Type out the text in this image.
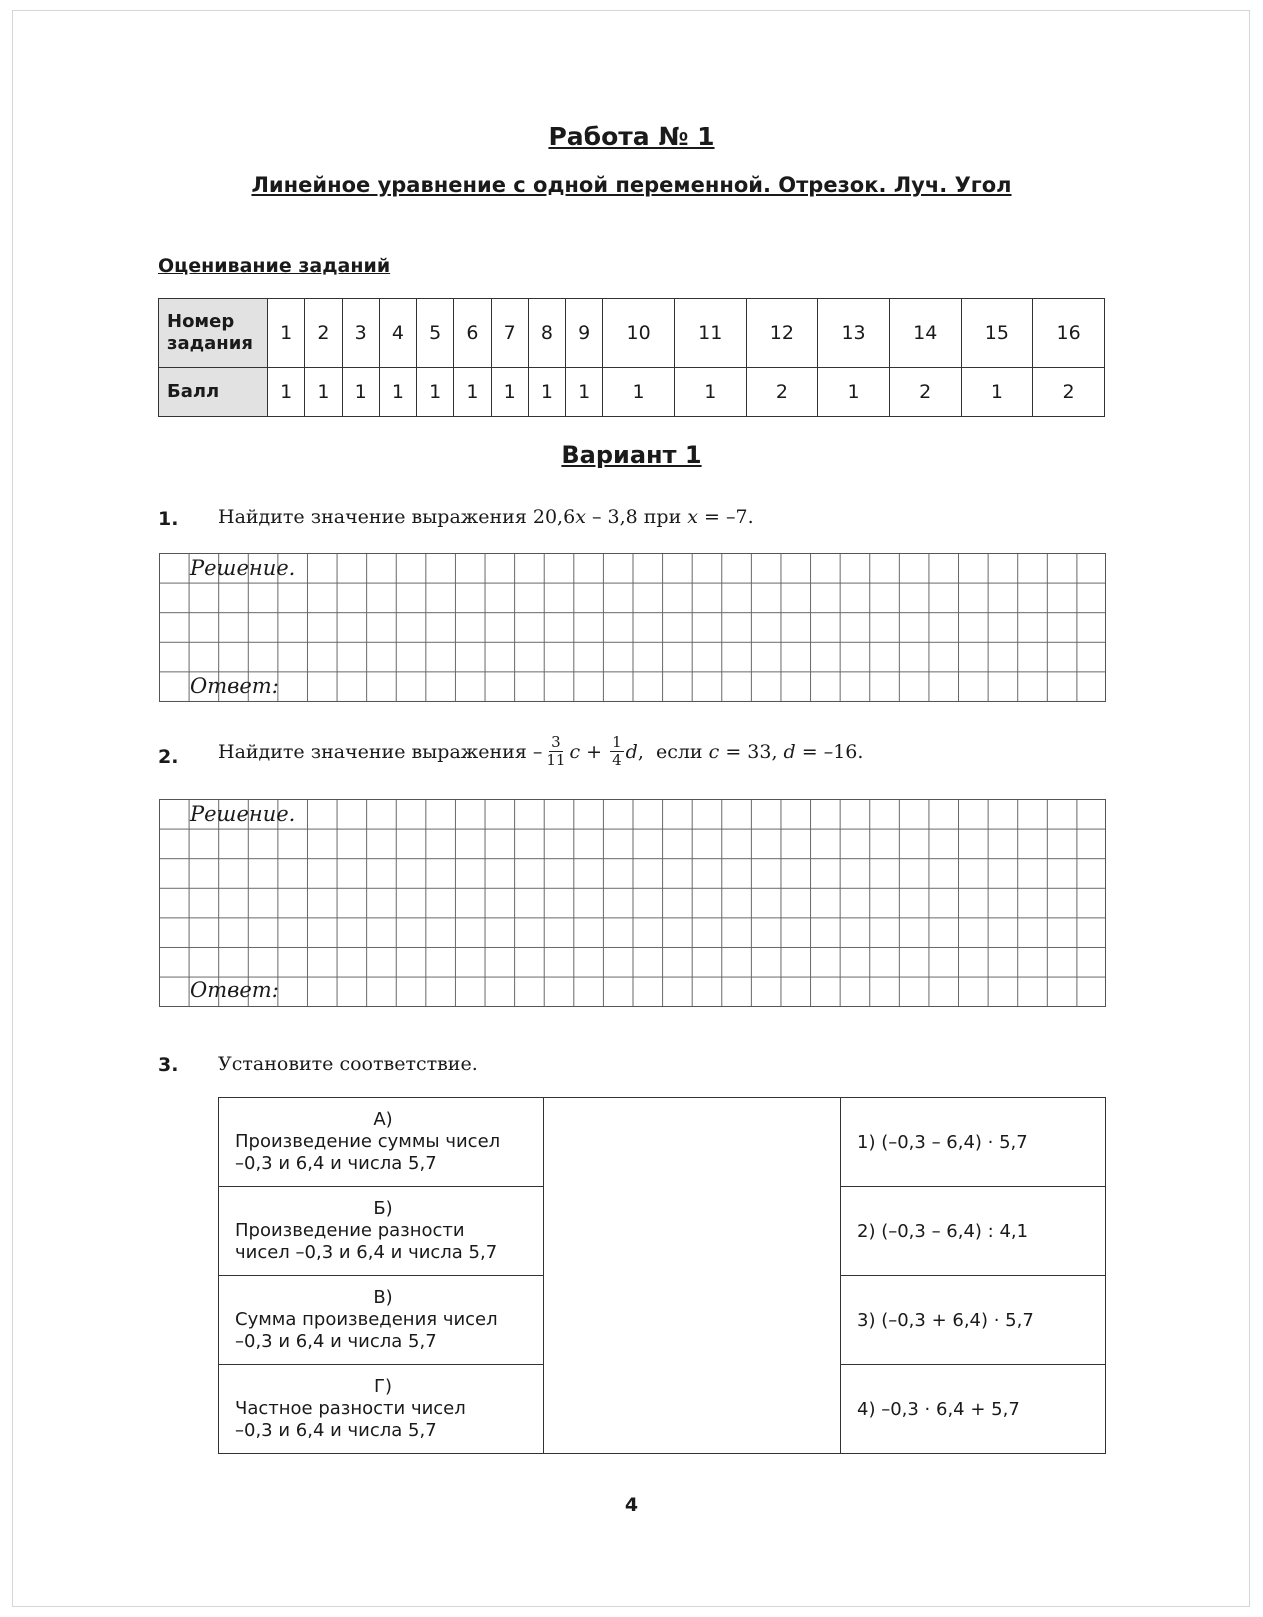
Работа № 1
Линейное уравнение с одной переменной. Отрезок. Луч. Угол
Оценивание заданий
Номер
задания	1	2	3	4	5	6	7	8	9	10	11	12	13	14	15	16
Балл	1	1	1	1	1	1	1	1	1	1	1	2	1	2	1	2
Вариант 1
1. Найдите значение выражения 20,6 x – 3,8 при x = –7.
Решение.
Ответ:
2. Найдите значение выражения – $\frac{3}{11}$ $c + \frac{1}{4}$ d ,  если c = 33, d = –16.
Решение.
Ответ:
3. Установите соответствие.
А)
Произведение суммы чисел
–0,3 и 6,4 и числа 5,7		1) (–0,3 – 6,4) · 5,7

Б)
Произведение разности
чисел –0,3 и 6,4 и числа 5,7		2) (–0,3 – 6,4) : 4,1

В)
Сумма произведения чисел
–0,3 и 6,4 и числа 5,7		3) (–0,3 + 6,4) · 5,7

Г)
Частное разности чисел
–0,3 и 6,4 и числа 5,7		4) –0,3 · 6,4 + 5,7
4
